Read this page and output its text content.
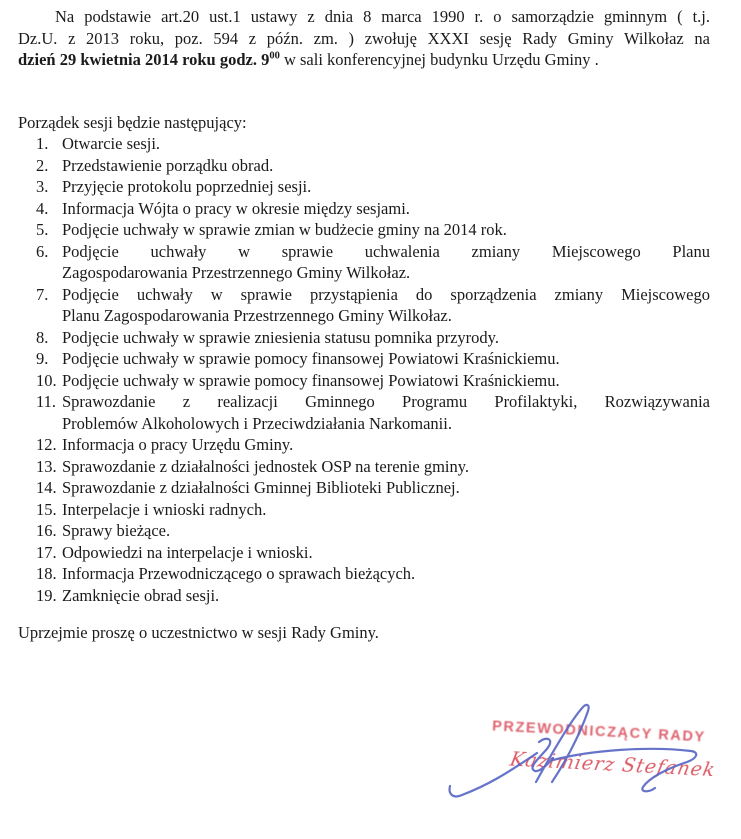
Na podstawie art.20 ust.1 ustawy z dnia 8 marca 1990 r. o samorządzie gminnym ( t.j.
Dz.U. z 2013 roku, poz. 594 z późn. zm. ) zwołuję XXXI sesję Rady Gminy Wilkołaz na
dzień 29 kwietnia 2014 roku godz. $9^{00}$ w sali konferencyjnej budynku Urzędu Gminy .

Porządek sesji będzie następujący:

1. Otwarcie sesji.
2. Przedstawienie porządku obrad.
3. Przyjęcie protokolu poprzedniej sesji.
4. Informacja Wójta o pracy w okresie między sesjami.
5. Podjęcie uchwały w sprawie zmian w budżecie gminy na 2014 rok.
6. Podjęcie uchwały w sprawie uchwalenia zmiany Miejscowego Planu
Zagospodarowania Przestrzennego Gminy Wilkołaz.
7. Podjęcie uchwały w sprawie przystąpienia do sporządzenia zmiany Miejscowego
Planu Zagospodarowania Przestrzennego Gminy Wilkołaz.
8. Podjęcie uchwały w sprawie zniesienia statusu pomnika przyrody.
9. Podjęcie uchwały w sprawie pomocy finansowej Powiatowi Kraśnickiemu.
10. Podjęcie uchwały w sprawie pomocy finansowej Powiatowi Kraśnickiemu.
11. Sprawozdanie z realizacji Gminnego Programu Profilaktyki, Rozwiązywania
Problemów Alkoholowych i Przeciwdziałania Narkomanii.
12. Informacja o pracy Urzędu Gminy.
13. Sprawozdanie z działalności jednostek OSP na terenie gminy.
14. Sprawozdanie z działalności Gminnej Biblioteki Publicznej.
15. Interpelacje i wnioski radnych.
16. Sprawy bieżące.
17. Odpowiedzi na interpelacje i wnioski.
18. Informacja Przewodniczącego o sprawach bieżących.
19. Zamknięcie obrad sesji.

Uprzejmie proszę o uczestnictwo w sesji Rady Gminy.

PRZEWODNICZĄCY RADY
Kazimierz Stefanek
